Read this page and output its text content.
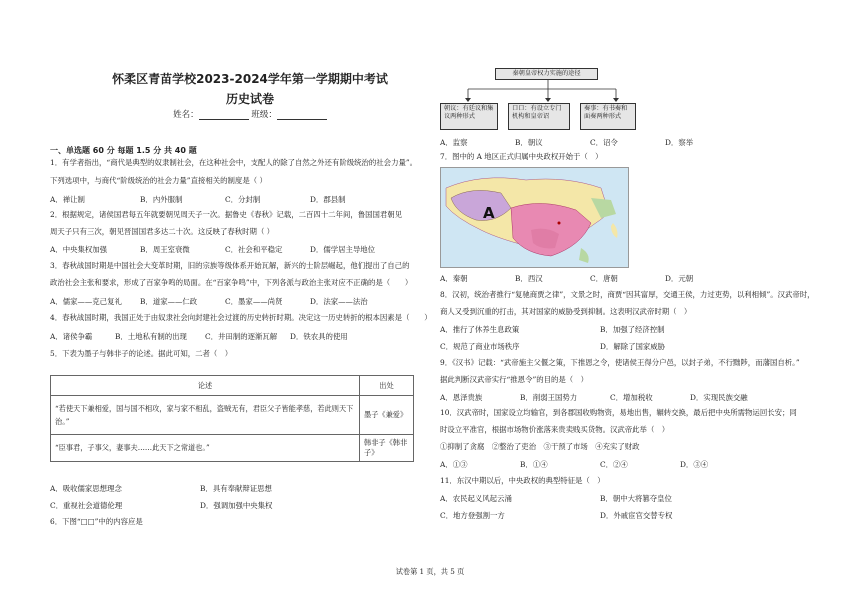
怀柔区青苗学校2023-2024学年第一学期期中考试
历史试卷
姓名：	班级：
一、单选题 60 分 每题 1.5 分 共 40 题
1．有学者指出，“商代是典型的奴隶制社会，在这种社会中，支配人的除了自然之外还有阶级统治的社会力量”。
下列选项中，与商代“阶级统治的社会力量”直接相关的制度是（ ）
A．禅让制	B．内外服制	C．分封制	D．郡县制
2．根据规定，诸侯国君每五年就要朝见周天子一次。据鲁史《春秋》记载，二百四十二年间，鲁国国君朝见
周天子只有三次，朝见晋国国君多达二十次。这反映了春秋时期（ ）
A．中央集权加强	B．周王室衰微	C．社会和平稳定	D．儒学居主导地位
3．春秋战国时期是中国社会大变革时期，旧的宗族等级体系开始瓦解，新兴的士阶层崛起，他们提出了自己的
政治社会主张和要求，形成了百家争鸣的局面。在“百家争鸣”中，下列各派与政治主张对应不正确的是（　　）
A．儒家——克己复礼 B．道家——仁政	C．墨家——尚贤	D．法家——法治
4．春秋战国时期，我国正处于由奴隶社会向封建社会过渡的历史转折时期。决定这一历史转折的根本因素是（　　）
A．诸侯争霸	B．土地私有制的出现 C．井田制的逐渐瓦解 D．铁农具的使用
5．下表为墨子与韩非子的论述。据此可知，二者（　）
论述	出处
“若使天下兼相爱，国与国不相攻，家与家不相乱，盗贼无有，君臣父子皆能孝慈，若此则天下治。”	墨子《兼爱》
“臣事君，子事父，妻事夫……此天下之常道也。”	韩非子《韩非子》
A．吸收儒家思想理念	B．具有奉献辩证思想
C．重视社会道德伦理	D．强调加强中央集权
6．下图“□□”中的内容应是
秦朝皇帝权力实施的途径
朝议：有廷议和集议两种形式
口口：有设立专门机构和皇帝诏
奏事：有书奏和面奏两种形式
A．监察	B．朝议	C．诏令	D．察举
7．图中的 A 地区正式归属中央政权开始于（　）
A
A．秦朝	B．西汉	C．唐朝	D．元朝
8．汉初，统治者推行“复驰商贾之律”，文景之时，商贾“因其富厚，交通王侯，力过吏势，以利相倾”。汉武帝时，
商人又受到沉重的打击，其对国家的威胁受到抑制。这表明汉武帝时期（　）
A．推行了休养生息政策	B．加强了经济控制
C．规范了商业市场秩序	D．解除了国家威胁
9．《汉书》记载：“武帝施主父偃之策，下推恩之令，使诸侯王得分户邑，以封子弟，不行黜陟，而藩国自析。”
据此判断汉武帝实行“推恩令”的目的是（　）
A．恩泽贵族	B．削弱王国势力	C．增加税收	D．实现民族交融
10．汉武帝时，国家设立均输官，到各郡国收购物资，易地出售，辗转交换，最后把中央所需物运回长安；同
时设立平准官，根据市场物价涨落来贵卖贱买货物。汉武帝此举（　）
①抑制了贪腐　②整治了吏治　③干预了市场　④充实了财政
A．①③	B．①④	C．②④	D．③④
11．东汉中期以后，中央政权的典型特征是（　）
A．农民起义风起云涌	B．朝中大将篡夺皇位
C．地方登强割一方	D．外戚宦官交替专权
试卷第 1 页，共 5 页
